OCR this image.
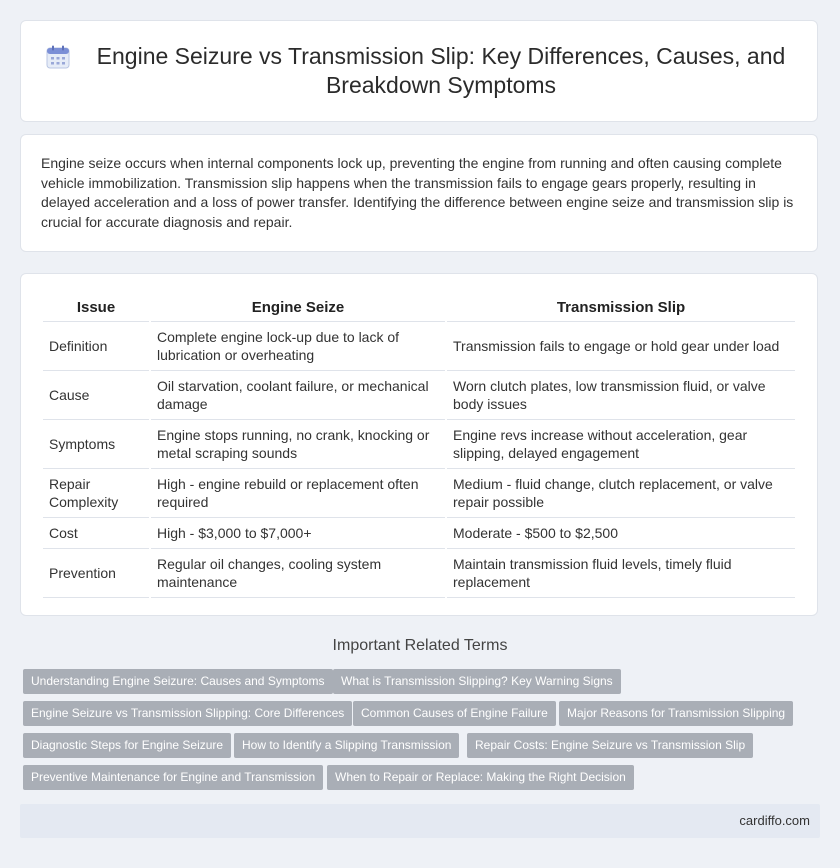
Engine Seizure vs Transmission Slip: Key Differences, Causes, and Breakdown Symptoms

Engine seize occurs when internal components lock up, preventing the engine from running and often causing complete vehicle immobilization. Transmission slip happens when the transmission fails to engage gears properly, resulting in delayed acceleration and a loss of power transfer. Identifying the difference between engine seize and transmission slip is crucial for accurate diagnosis and repair.

Issue	Engine Seize	Transmission Slip
Definition	Complete engine lock-up due to lack of lubrication or overheating	Transmission fails to engage or hold gear under load
Cause	Oil starvation, coolant failure, or mechanical damage	Worn clutch plates, low transmission fluid, or valve body issues
Symptoms	Engine stops running, no crank, knocking or metal scraping sounds	Engine revs increase without acceleration, gear slipping, delayed engagement
Repair Complexity	High - engine rebuild or replacement often required	Medium - fluid change, clutch replacement, or valve repair possible
Cost	High - $3,000 to $7,000+	Moderate - $500 to $2,500
Prevention	Regular oil changes, cooling system maintenance	Maintain transmission fluid levels, timely fluid replacement
Important Related Terms
Understanding Engine Seizure: Causes and Symptoms	What is Transmission Slipping? Key Warning Signs
Engine Seizure vs Transmission Slipping: Core Differences	Common Causes of Engine Failure	Major Reasons for Transmission Slipping
Diagnostic Steps for Engine Seizure	How to Identify a Slipping Transmission	Repair Costs: Engine Seizure vs Transmission Slip
Preventive Maintenance for Engine and Transmission	When to Repair or Replace: Making the Right Decision
cardiffo.com
